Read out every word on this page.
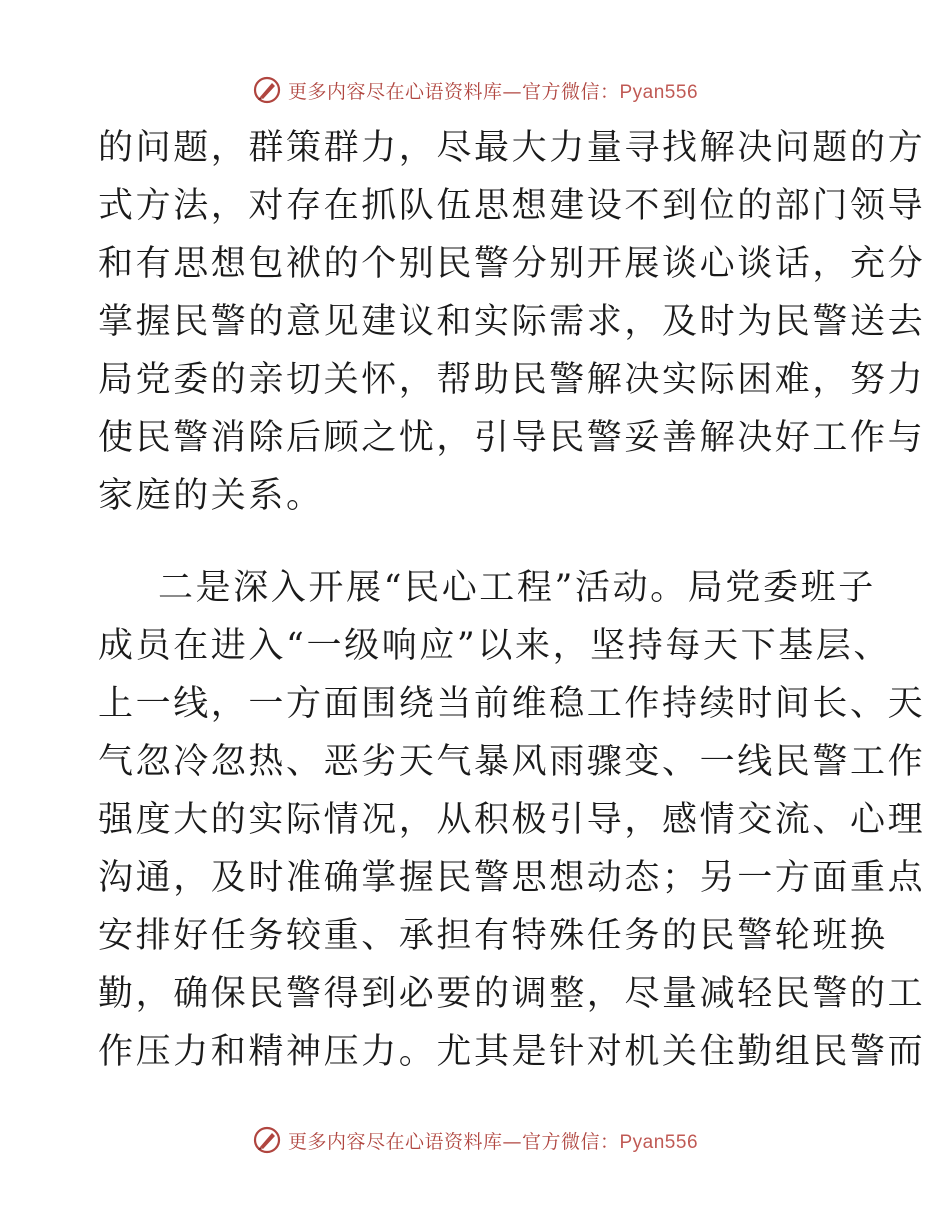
更多内容尽在心语资料库—官方微信：Pyan556
的问题，群策群力，尽最大力量寻找解决问题的方
式方法，对存在抓队伍思想建设不到位的部门领导
和有思想包袱的个别民警分别开展谈心谈话，充分
掌握民警的意见建议和实际需求，及时为民警送去
局党委的亲切关怀，帮助民警解决实际困难，努力
使民警消除后顾之忧，引导民警妥善解决好工作与
家庭的关系。
二是深入开展“民心工程”活动。局党委班子
成员在进入“一级响应”以来，坚持每天下基层、
上一线，一方面围绕当前维稳工作持续时间长、天
气忽冷忽热、恶劣天气暴风雨骤变、一线民警工作
强度大的实际情况，从积极引导，感情交流、心理
沟通，及时准确掌握民警思想动态；另一方面重点
安排好任务较重、承担有特殊任务的民警轮班换
勤，确保民警得到必要的调整，尽量减轻民警的工
作压力和精神压力。尤其是针对机关住勤组民警而
更多内容尽在心语资料库—官方微信：Pyan556
